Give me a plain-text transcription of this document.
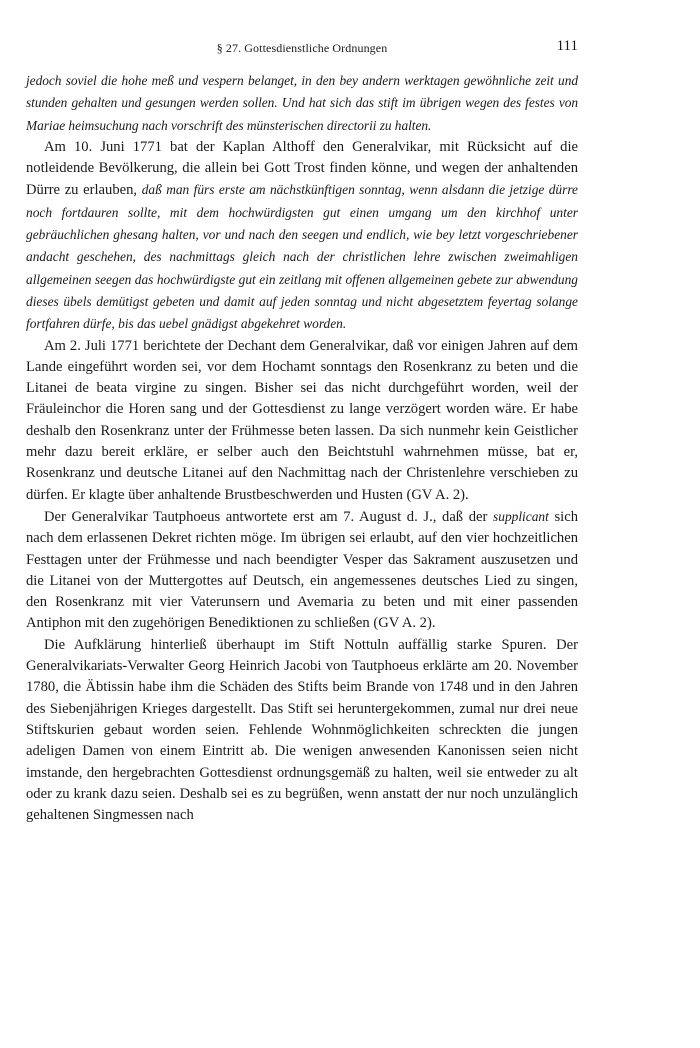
§ 27. Gottesdienstliche Ordnungen	111

jedoch soviel die hohe meß und vespern belanget, in den bey andern werktagen gewöhnliche zeit und stunden gehalten und gesungen werden sollen. Und hat sich das stift im übrigen wegen des festes von Mariae heimsuchung nach vorschrift des münsterischen directorii zu halten.

Am 10. Juni 1771 bat der Kaplan Althoff den Generalvikar, mit Rücksicht auf die notleidende Bevölkerung, die allein bei Gott Trost finden könne, und wegen der anhaltenden Dürre zu erlauben, daß man fürs erste am nächstkünftigen sonntag, wenn alsdann die jetzige dürre noch fortdauren sollte, mit dem hochwürdigsten gut einen umgang um den kirchhof unter gebräuchlichen ghesang halten, vor und nach den seegen und endlich, wie bey letzt vorgeschriebener andacht geschehen, des nachmittags gleich nach der christlichen lehre zwischen zweimahligen allgemeinen seegen das hochwürdigste gut ein zeitlang mit offenen allgemeinen gebete zur abwendung dieses übels demütigst gebeten und damit auf jeden sonntag und nicht abgesetztem feyertag solange fortfahren dürfe, bis das uebel gnädigst abgekehret worden.

Am 2. Juli 1771 berichtete der Dechant dem Generalvikar, daß vor einigen Jahren auf dem Lande eingeführt worden sei, vor dem Hochamt sonntags den Rosenkranz zu beten und die Litanei de beata virgine zu singen. Bisher sei das nicht durchgeführt worden, weil der Fräuleinchor die Horen sang und der Gottesdienst zu lange verzögert worden wäre. Er habe deshalb den Rosenkranz unter der Frühmesse beten lassen. Da sich nunmehr kein Geistlicher mehr dazu bereit erkläre, er selber auch den Beichtstuhl wahrnehmen müsse, bat er, Rosenkranz und deutsche Litanei auf den Nachmittag nach der Christenlehre verschieben zu dürfen. Er klagte über anhaltende Brustbeschwerden und Husten (GV A. 2).

Der Generalvikar Tautphoeus antwortete erst am 7. August d. J., daß der supplicant sich nach dem erlassenen Dekret richten möge. Im übrigen sei erlaubt, auf den vier hochzeitlichen Festtagen unter der Frühmesse und nach beendigter Vesper das Sakrament auszusetzen und die Litanei von der Muttergottes auf Deutsch, ein angemessenes deutsches Lied zu singen, den Rosenkranz mit vier Vaterunsern und Avemaria zu beten und mit einer passenden Antiphon mit den zugehörigen Benediktionen zu schließen (GV A. 2).

Die Aufklärung hinterließ überhaupt im Stift Nottuln auffällig starke Spuren. Der Generalvikariats-Verwalter Georg Heinrich Jacobi von Tautphoeus erklärte am 20. November 1780, die Äbtissin habe ihm die Schäden des Stifts beim Brande von 1748 und in den Jahren des Siebenjährigen Krieges dargestellt. Das Stift sei heruntergekommen, zumal nur drei neue Stiftskurien gebaut worden seien. Fehlende Wohnmöglichkeiten schreckten die jungen adeligen Damen von einem Eintritt ab. Die wenigen anwesenden Kanonissen seien nicht imstande, den hergebrachten Gottesdienst ordnungsgemäß zu halten, weil sie entweder zu alt oder zu krank dazu seien. Deshalb sei es zu begrüßen, wenn anstatt der nur noch unzulänglich gehaltenen Singmessen nach
